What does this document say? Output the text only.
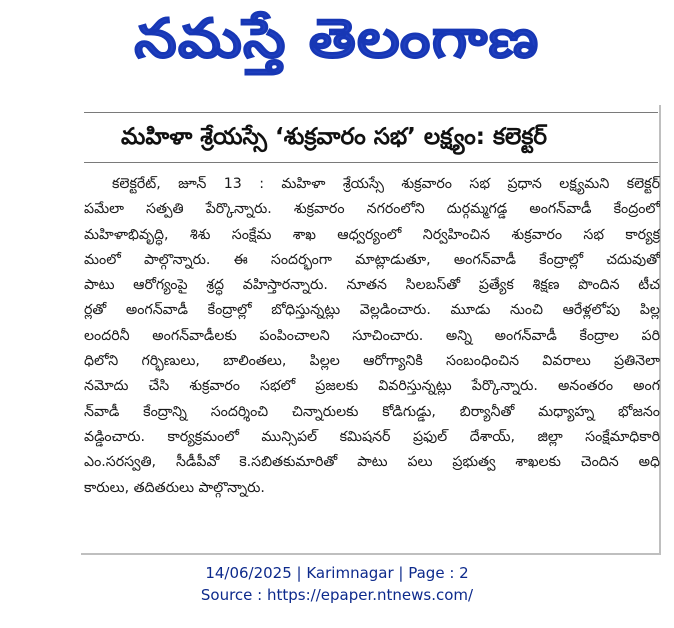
నమస్తే తెలంగాణ
మహిళా శ్రేయస్సే ‘శుక్రవారం సభ’ లక్ష్యం: కలెక్టర్
కలెక్టరేట్, జూన్ 13 : మహిళా శ్రేయస్సే శుక్రవారం సభ ప్రధాన లక్ష్యమని కలెక్టర్
పమేలా సత్పతి పేర్కొన్నారు. శుక్రవారం నగరంలోని దుర్గమ్మగడ్డ అంగన్‌వాడీ కేంద్రంలో
మహిళాభివృద్ధి, శిశు సంక్షేమ శాఖ ఆధ్వర్యంలో నిర్వహించిన శుక్రవారం సభ కార్యక్ర
మంలో పాల్గొన్నారు. ఈ సందర్భంగా మాట్లాడుతూ, అంగన్‌వాడీ కేంద్రాల్లో చదువుతో
పాటు ఆరోగ్యంపై శ్రద్ధ వహిస్తారన్నారు. నూతన సిలబస్‌తో ప్రత్యేక శిక్షణ పొందిన టీచ
ర్లతో అంగన్‌వాడీ కేంద్రాల్లో బోధిస్తున్నట్లు వెల్లడించారు. మూడు నుంచి ఆరేళ్లలోపు పిల్ల
లందరినీ అంగన్‌వాడీలకు పంపించాలని సూచించారు. అన్ని అంగన్‌వాడీ కేంద్రాల పరి
ధిలోని గర్భిణులు, బాలింతలు, పిల్లల ఆరోగ్యానికి సంబంధించిన వివరాలు ప్రతినెలా
నమోదు చేసి శుక్రవారం సభలో ప్రజలకు వివరిస్తున్నట్లు పేర్కొన్నారు. అనంతరం అంగ
న్‌వాడీ కేంద్రాన్ని సందర్శించి చిన్నారులకు కోడిగుడ్డు, బిర్యానీతో మధ్యాహ్న భోజనం
వడ్డించారు. కార్యక్రమంలో మున్సిపల్ కమిషనర్ ప్రఫుల్ దేశాయ్, జిల్లా సంక్షేమాధికారి
ఎం.సరస్వతి, సీడీపీవో కె.సబితకుమారితో పాటు పలు ప్రభుత్వ శాఖలకు చెందిన అధి
కారులు, తదితరులు పాల్గొన్నారు.
14/06/2025 | Karimnagar | Page : 2
Source : https://epaper.ntnews.com/
